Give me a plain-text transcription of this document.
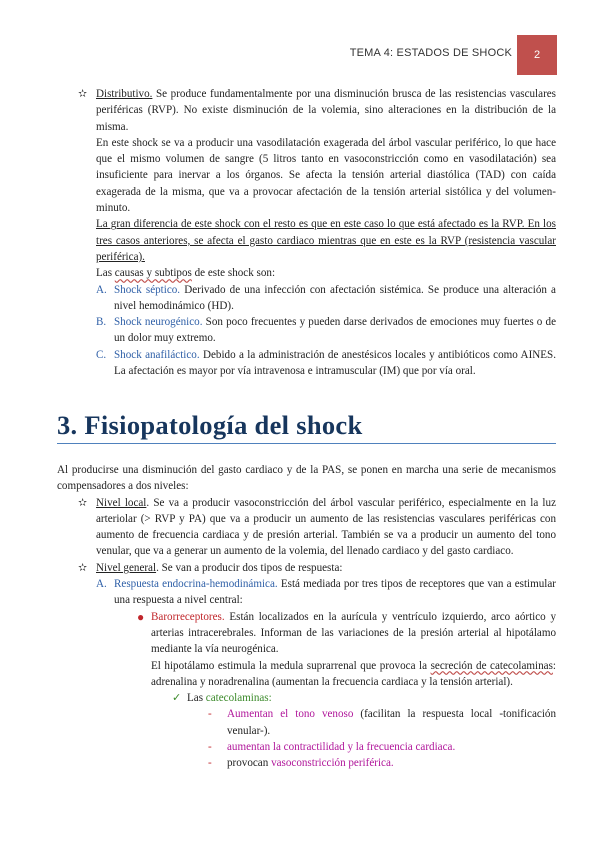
TEMA 4: ESTADOS DE SHOCK	2
✫ Distributivo. Se produce fundamentalmente por una disminución brusca de las resistencias vasculares periféricas (RVP). No existe disminución de la volemia, sino alteraciones en la distribución de la misma.

En este shock se va a producir una vasodilatación exagerada del árbol vascular periférico, lo que hace que el mismo volumen de sangre (5 litros tanto en vasoconstricción como en vasodilatación) sea insuficiente para inervar a los órganos. Se afecta la tensión arterial diastólica (TAD) con caída exagerada de la misma, que va a provocar afectación de la tensión arterial sistólica y del volumen-minuto.

La gran diferencia de este shock con el resto es que en este caso lo que está afectado es la RVP. En los tres casos anteriores, se afecta el gasto cardiaco mientras que en este es la RVP (resistencia vascular periférica).

Las causas y subtipos de este shock son:

A. Shock séptico. Derivado de una infección con afectación sistémica. Se produce una alteración a nivel hemodinámico (HD).

B. Shock neurogénico. Son poco frecuentes y pueden darse derivados de emociones muy fuertes o de un dolor muy extremo.

C. Shock anafiláctico. Debido a la administración de anestésicos locales y antibióticos como AINES. La afectación es mayor por vía intravenosa e intramuscular (IM) que por vía oral.

3. Fisiopatología del shock

Al producirse una disminución del gasto cardiaco y de la PAS, se ponen en marcha una serie de mecanismos compensadores a dos niveles:

✫ Nivel local. Se va a producir vasoconstricción del árbol vascular periférico, especialmente en la luz arteriolar (> RVP y PA) que va a producir un aumento de las resistencias vasculares periféricas con aumento de frecuencia cardiaca y de presión arterial. También se va a producir un aumento del tono venular, que va a generar un aumento de la volemia, del llenado cardiaco y del gasto cardiaco.

✫ Nivel general. Se van a producir dos tipos de respuesta:

A. Respuesta endocrina-hemodinámica. Está mediada por tres tipos de receptores que van a estimular una respuesta a nivel central:

● Barorreceptores. Están localizados en la aurícula y ventrículo izquierdo, arco aórtico y arterias intracerebrales. Informan de las variaciones de la presión arterial al hipotálamo mediante la vía neurogénica.

El hipotálamo estimula la medula suprarrenal que provoca la secreción de catecolaminas: adrenalina y noradrenalina (aumentan la frecuencia cardiaca y la tensión arterial).

✓ Las catecolaminas:

- Aumentan el tono venoso (facilitan la respuesta local -tonificación venular-).

- aumentan la contractilidad y la frecuencia cardiaca.

- provocan vasoconstricción periférica.
